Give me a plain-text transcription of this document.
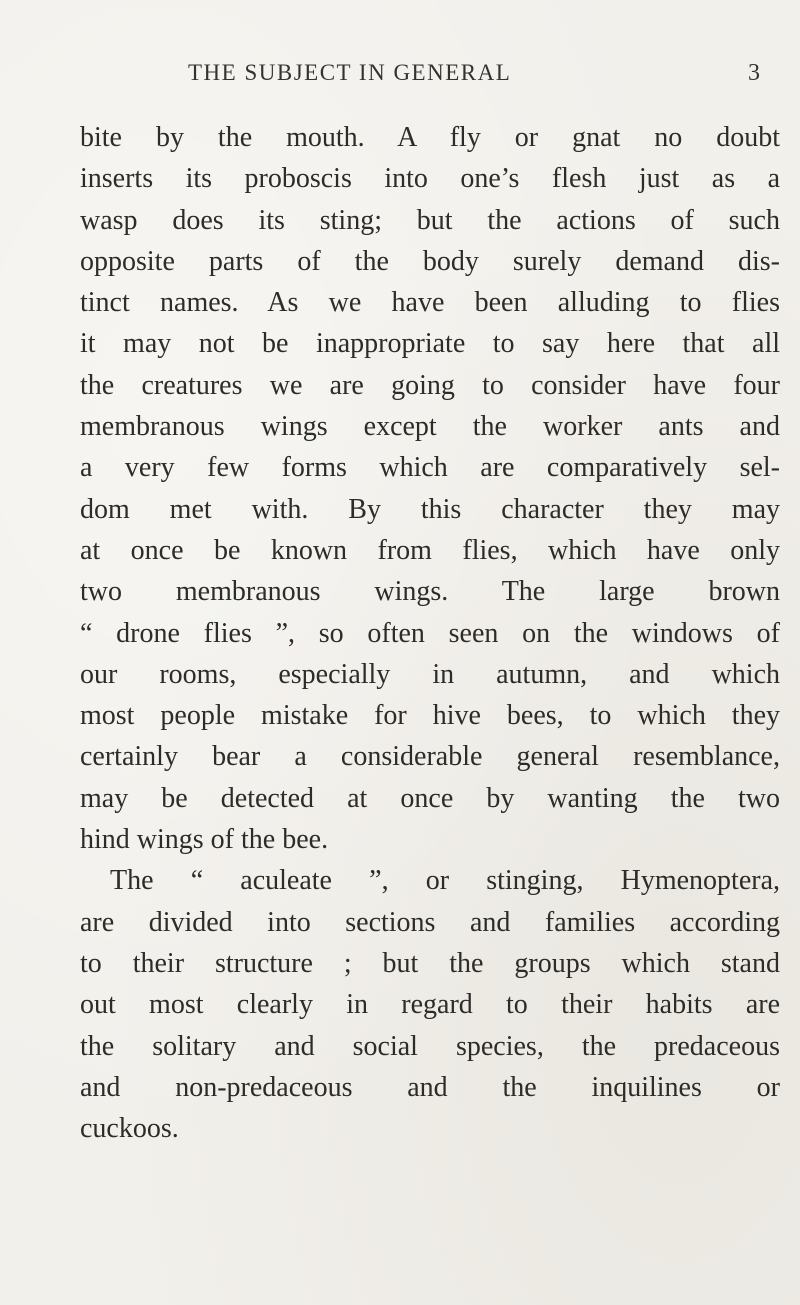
THE SUBJECT IN GENERAL	3
bite by the mouth. A fly or gnat no doubt
inserts its proboscis into one’s flesh just as a
wasp does its sting; but the actions of such
opposite parts of the body surely demand dis-
tinct names. As we have been alluding to flies
it may not be inappropriate to say here that all
the creatures we are going to consider have four
membranous wings except the worker ants and
a very few forms which are comparatively sel-
dom met with. By this character they may
at once be known from flies, which have only
two membranous wings. The large brown
“ drone flies ”, so often seen on the windows of
our rooms, especially in autumn, and which
most people mistake for hive bees, to which they
certainly bear a considerable general resemblance,
may be detected at once by wanting the two
hind wings of the bee.
The “ aculeate ”, or stinging, Hymenoptera,
are divided into sections and families according
to their structure ; but the groups which stand
out most clearly in regard to their habits are
the solitary and social species, the predaceous
and non-predaceous and the inquilines or
cuckoos.
